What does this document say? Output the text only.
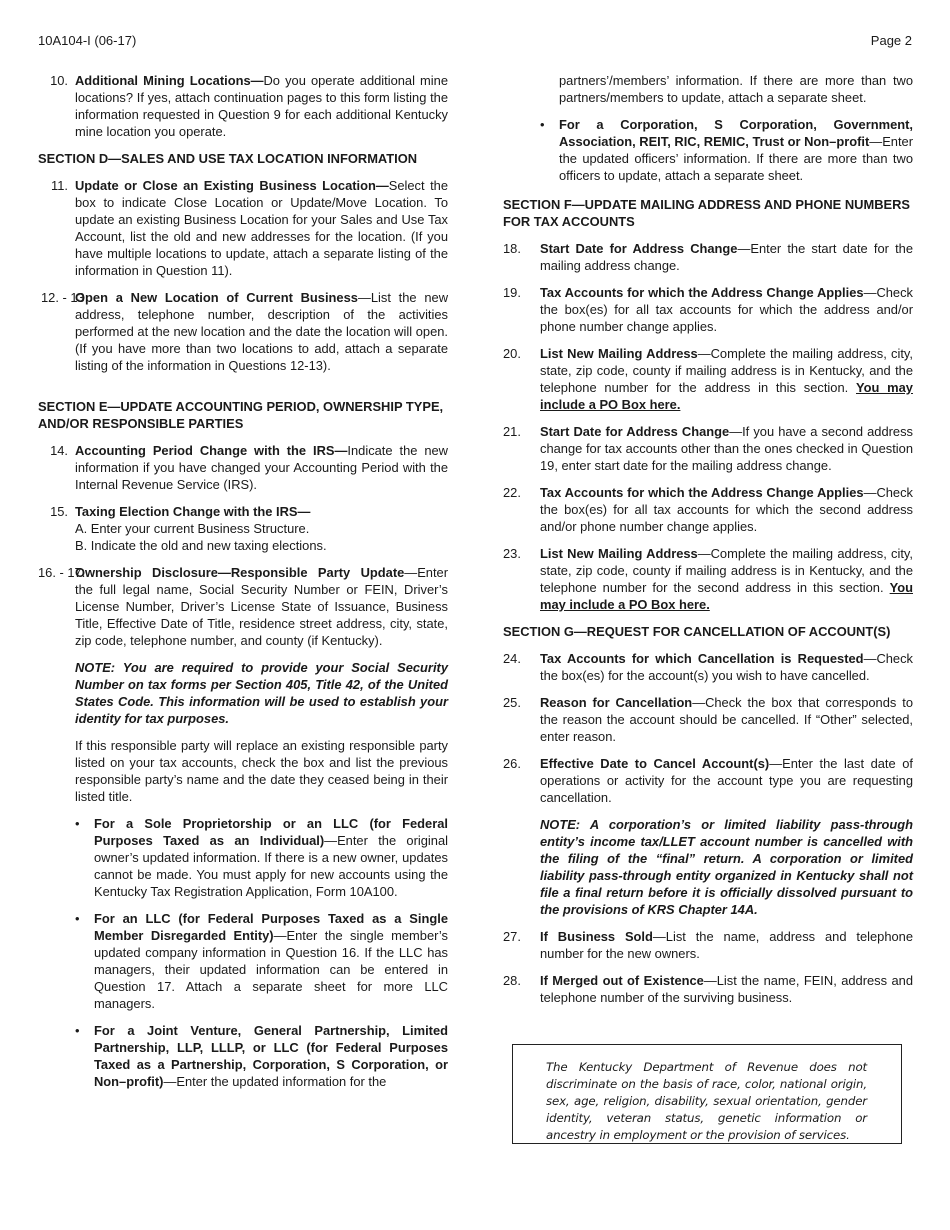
10A104-I (06-17)	Page 2
10. Additional Mining Locations—Do you operate additional mine locations? If yes, attach continuation pages to this form listing the information requested in Question 9 for each additional Kentucky mine location you operate.
SECTION D—SALES AND USE TAX LOCATION INFORMATION
11. Update or Close an Existing Business Location—Select the box to indicate Close Location or Update/Move Location. To update an existing Business Location for your Sales and Use Tax Account, list the old and new addresses for the location. (If you have multiple locations to update, attach a separate listing of the information in Question 11).
12. - 13.
Open a New Location of Current Business—List the new address, telephone number, description of the activities performed at the new location and the date the location will open. (If you have more than two locations to add, attach a separate listing of the information in Questions 12-13).
SECTION E—UPDATE ACCOUNTING PERIOD, OWNERSHIP TYPE, AND/OR RESPONSIBLE PARTIES
14. Accounting Period Change with the IRS—Indicate the new information if you have changed your Accounting Period with the Internal Revenue Service (IRS).
15. Taxing Election Change with the IRS—
A. Enter your current Business Structure.
B. Indicate the old and new taxing elections.
16. - 17.
Ownership Disclosure—Responsible Party Update—Enter the full legal name, Social Security Number or FEIN, Driver’s License Number, Driver’s License State of Issuance, Business Title, Effective Date of Title, residence street address, city, state, zip code, telephone number, and county (if Kentucky).
NOTE: You are required to provide your Social Security Number on tax forms per Section 405, Title 42, of the United States Code. This information will be used to establish your identity for tax purposes.
If this responsible party will replace an existing responsible party listed on your tax accounts, check the box and list the previous responsible party’s name and the date they ceased being in their listed title.
• For a Sole Proprietorship or an LLC (for Federal Purposes Taxed as an Individual)—Enter the original owner’s updated information. If there is a new owner, updates cannot be made. You must apply for new accounts using the Kentucky Tax Registration Application, Form 10A100.
• For an LLC (for Federal Purposes Taxed as a Single Member Disregarded Entity)—Enter the single member’s updated company information in Question 16. If the LLC has managers, their updated information can be entered in Question 17. Attach a separate sheet for more LLC managers.
• For a Joint Venture, General Partnership, Limited Partnership, LLP, LLLP, or LLC (for Federal Purposes Taxed as a Partnership, Corporation, S Corporation, or Non–profit)—Enter the updated information for the
partners’/members’ information. If there are more than two partners/members to update, attach a separate sheet.
• For a Corporation, S Corporation, Government, Association, REIT, RIC, REMIC, Trust or Non–profit—Enter the updated officers’ information. If there are more than two officers to update, attach a separate sheet.
SECTION F—UPDATE MAILING ADDRESS AND PHONE NUMBERS FOR TAX ACCOUNTS
18.	Start Date for Address Change—Enter the start date for the mailing address change.
19.	Tax Accounts for which the Address Change Applies—Check the box(es) for all tax accounts for which the address and/or phone number change applies.
20.	List New Mailing Address—Complete the mailing address, city, state, zip code, county if mailing address is in Kentucky, and the telephone number for the address in this section. You may include a PO Box here.
21.	Start Date for Address Change—If you have a second address change for tax accounts other than the ones checked in Question 19, enter start date for the mailing address change.
22.	Tax Accounts for which the Address Change Applies—Check the box(es) for all tax accounts for which the second address and/or phone number change applies.
23.	List New Mailing Address—Complete the mailing address, city, state, zip code, county if mailing address is in Kentucky, and the telephone number for the second address in this section. You may include a PO Box here.
SECTION G—REQUEST FOR CANCELLATION OF ACCOUNT(S)
24.	Tax Accounts for which Cancellation is Requested—Check the box(es) for the account(s) you wish to have cancelled.
25.	Reason for Cancellation—Check the box that corresponds to the reason the account should be cancelled. If “Other” selected, enter reason.
26.	Effective Date to Cancel Account(s)—Enter the last date of operations or activity for the account type you are requesting cancellation.
NOTE: A corporation’s or limited liability pass-through entity’s income tax/LLET account number is cancelled with the filing of the “final” return. A corporation or limited liability pass-through entity organized in Kentucky shall not file a final return before it is officially dissolved pursuant to the provisions of KRS Chapter 14A.
27.	If Business Sold—List the name, address and telephone number for the new owners.
28.	If Merged out of Existence—List the name, FEIN, address and telephone number of the surviving business.
The Kentucky Department of Revenue does not discriminate on the basis of race, color, national origin, sex, age, religion, disability, sexual orientation, gender identity, veteran status, genetic information or ancestry in employment or the provision of services.
